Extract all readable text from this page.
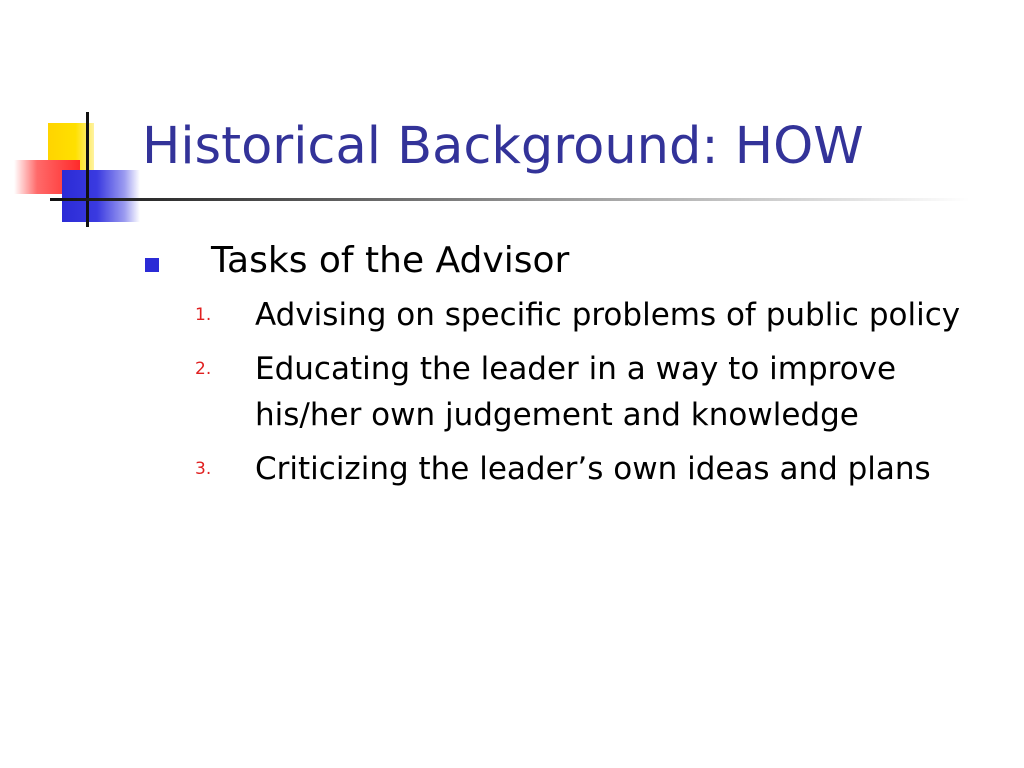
Historical Background: HOW
Tasks of the Advisor
1.	Advising on specific problems of public policy
2.	Educating the leader in a way to improve his/her own judgement and knowledge
3.	Criticizing the leader’s own ideas and plans
